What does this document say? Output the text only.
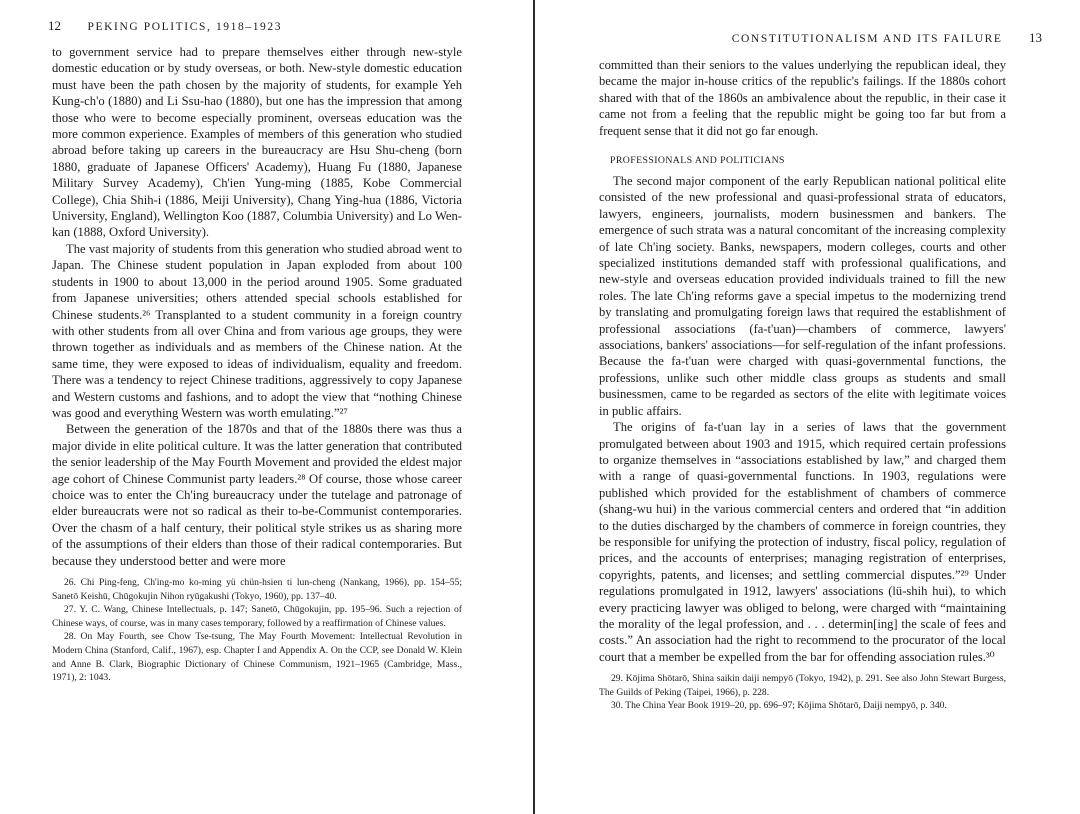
12 PEKING POLITICS, 1918–1923

to government service had to prepare themselves either through new-style domestic education or by study overseas, or both. New-style domestic education must have been the path chosen by the majority of students, for example Yeh Kung-ch'o (1880) and Li Ssu-hao (1880), but one has the impression that among those who were to become especially prominent, overseas education was the more common experience. Examples of members of this generation who studied abroad before taking up careers in the bureaucracy are Hsu Shu-cheng (born 1880, graduate of Japanese Officers' Academy), Huang Fu (1880, Japanese Military Survey Academy), Ch'ien Yung-ming (1885, Kobe Commercial College), Chia Shih-i (1886, Meiji University), Chang Ying-hua (1886, Victoria University, England), Wellington Koo (1887, Columbia University) and Lo Wen-kan (1888, Oxford University).

The vast majority of students from this generation who studied abroad went to Japan. The Chinese student population in Japan exploded from about 100 students in 1900 to about 13,000 in the period around 1905. Some graduated from Japanese universities; others attended special schools established for Chinese students.²⁶ Transplanted to a student community in a foreign country with other students from all over China and from various age groups, they were thrown together as individuals and as members of the Chinese nation. At the same time, they were exposed to ideas of individualism, equality and freedom. There was a tendency to reject Chinese traditions, aggressively to copy Japanese and Western customs and fashions, and to adopt the view that “nothing Chinese was good and everything Western was worth emulating.”²⁷

Between the generation of the 1870s and that of the 1880s there was thus a major divide in elite political culture. It was the latter generation that contributed the senior leadership of the May Fourth Movement and provided the eldest major age cohort of Chinese Communist party leaders.²⁸ Of course, those whose career choice was to enter the Ch'ing bureaucracy under the tutelage and patronage of elder bureaucrats were not so radical as their to-be-Communist contemporaries. Over the chasm of a half century, their political style strikes us as sharing more of the assumptions of their elders than those of their radical contemporaries. But because they understood better and were more

26. Chi Ping-feng, Ch'ing-mo ko-ming yü chün-hsien ti lun-cheng (Nankang, 1966), pp. 154–55; Sanetō Keishū, Chūgokujin Nihon ryūgakushi (Tokyo, 1960), pp. 137–40.

27. Y. C. Wang, Chinese Intellectuals, p. 147; Sanetō, Chūgokujin, pp. 195–96. Such a rejection of Chinese ways, of course, was in many cases temporary, followed by a reaffirmation of Chinese values.

28. On May Fourth, see Chow Tse-tsung, The May Fourth Movement: Intellectual Revolution in Modern China (Stanford, Calif., 1967), esp. Chapter I and Appendix A. On the CCP, see Donald W. Klein and Anne B. Clark, Biographic Dictionary of Chinese Communism, 1921–1965 (Cambridge, Mass., 1971), 2: 1043.

CONSTITUTIONALISM AND ITS FAILURE 13

committed than their seniors to the values underlying the republican ideal, they became the major in-house critics of the republic's failings. If the 1880s cohort shared with that of the 1860s an ambivalence about the republic, in their case it came not from a feeling that the republic might be going too far but from a frequent sense that it did not go far enough.

PROFESSIONALS AND POLITICIANS

The second major component of the early Republican national political elite consisted of the new professional and quasi-professional strata of educators, lawyers, engineers, journalists, modern businessmen and bankers. The emergence of such strata was a natural concomitant of the increasing complexity of late Ch'ing society. Banks, newspapers, modern colleges, courts and other specialized institutions demanded staff with professional qualifications, and new-style and overseas education provided individuals trained to fill the new roles. The late Ch'ing reforms gave a special impetus to the modernizing trend by translating and promulgating foreign laws that required the establishment of professional associations (fa-t'uan)—chambers of commerce, lawyers' associations, bankers' associations—for self-regulation of the infant professions. Because the fa-t'uan were charged with quasi-governmental functions, the professions, unlike such other middle class groups as students and small businessmen, came to be regarded as sectors of the elite with legitimate voices in public affairs.

The origins of fa-t'uan lay in a series of laws that the government promulgated between about 1903 and 1915, which required certain professions to organize themselves in “associations established by law,” and charged them with a range of quasi-governmental functions. In 1903, regulations were published which provided for the establishment of chambers of commerce (shang-wu hui) in the various commercial centers and ordered that “in addition to the duties discharged by the chambers of commerce in foreign countries, they be responsible for unifying the protection of industry, fiscal policy, regulation of prices, and the accounts of enterprises; managing registration of enterprises, copyrights, patents, and licenses; and settling commercial disputes.”²⁹ Under regulations promulgated in 1912, lawyers' associations (lü-shih hui), to which every practicing lawyer was obliged to belong, were charged with “maintaining the morality of the legal profession, and . . . determin[ing] the scale of fees and costs.” An association had the right to recommend to the procurator of the local court that a member be expelled from the bar for offending association rules.³⁰

29. Kōjima Shōtarō, Shina saikin daiji nempyō (Tokyo, 1942), p. 291. See also John Stewart Burgess, The Guilds of Peking (Taipei, 1966), p. 228.

30. The China Year Book 1919–20, pp. 696–97; Kōjima Shōtarō, Daiji nempyō, p. 340.
